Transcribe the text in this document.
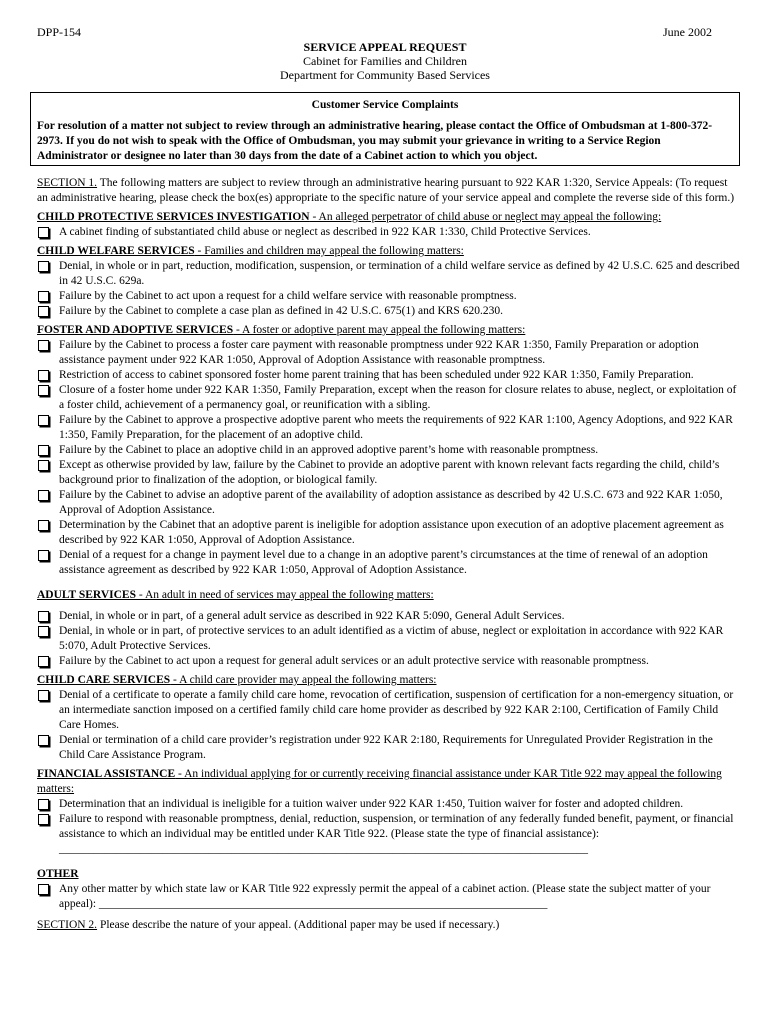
DPP-154	June 2002
SERVICE APPEAL REQUEST
Cabinet for Families and Children
Department for Community Based Services
Customer Service Complaints
For resolution of a matter not subject to review through an administrative hearing, please contact the Office of Ombudsman at 1-800-372-2973. If you do not wish to speak with the Office of Ombudsman, you may submit your grievance in writing to a Service Region Administrator or designee no later than 30 days from the date of a Cabinet action to which you object.

SECTION 1. The following matters are subject to review through an administrative hearing pursuant to 922 KAR 1:320, Service Appeals: (To request an administrative hearing, please check the box(es) appropriate to the specific nature of your service appeal and complete the reverse side of this form.)

CHILD PROTECTIVE SERVICES INVESTIGATION - An alleged perpetrator of child abuse or neglect may appeal the following:

A cabinet finding of substantiated child abuse or neglect as described in 922 KAR 1:330, Child Protective Services.

CHILD WELFARE SERVICES - Families and children may appeal the following matters:

Denial, in whole or in part, reduction, modification, suspension, or termination of a child welfare service as defined by 42 U.S.C. 625 and described in 42 U.S.C. 629a.

Failure by the Cabinet to act upon a request for a child welfare service with reasonable promptness.

Failure by the Cabinet to complete a case plan as defined in 42 U.S.C. 675(1) and KRS 620.230.

FOSTER AND ADOPTIVE SERVICES - A foster or adoptive parent may appeal the following matters:

Failure by the Cabinet to process a foster care payment with reasonable promptness under 922 KAR 1:350, Family Preparation or adoption assistance payment under 922 KAR 1:050, Approval of Adoption Assistance with reasonable promptness.

Restriction of access to cabinet sponsored foster home parent training that has been scheduled under 922 KAR 1:350, Family Preparation.

Closure of a foster home under 922 KAR 1:350, Family Preparation, except when the reason for closure relates to abuse, neglect, or exploitation of a foster child, achievement of a permanency goal, or reunification with a sibling.

Failure by the Cabinet to approve a prospective adoptive parent who meets the requirements of 922 KAR 1:100, Agency Adoptions, and 922 KAR 1:350, Family Preparation, for the placement of an adoptive child.

Failure by the Cabinet to place an adoptive child in an approved adoptive parent’s home with reasonable promptness.

Except as otherwise provided by law, failure by the Cabinet to provide an adoptive parent with known relevant facts regarding the child, child’s background prior to finalization of the adoption, or biological family.

Failure by the Cabinet to advise an adoptive parent of the availability of adoption assistance as described by 42 U.S.C. 673 and 922 KAR 1:050, Approval of Adoption Assistance.

Determination by the Cabinet that an adoptive parent is ineligible for adoption assistance upon execution of an adoptive placement agreement as described by 922 KAR 1:050, Approval of Adoption Assistance.

Denial of a request for a change in payment level due to a change in an adoptive parent’s circumstances at the time of renewal of an adoption assistance agreement as described by 922 KAR 1:050, Approval of Adoption Assistance.

ADULT SERVICES - An adult in need of services may appeal the following matters:

Denial, in whole or in part, of a general adult service as described in 922 KAR 5:090, General Adult Services.

Denial, in whole or in part, of protective services to an adult identified as a victim of abuse, neglect or exploitation in accordance with 922 KAR 5:070, Adult Protective Services.

Failure by the Cabinet to act upon a request for general adult services or an adult protective service with reasonable promptness.

CHILD CARE SERVICES - A child care provider may appeal the following matters:

Denial of a certificate to operate a family child care home, revocation of certification, suspension of certification for a non-emergency situation, or an intermediate sanction imposed on a certified family child care home provider as described by 922 KAR 2:100, Certification of Family Child Care Homes.

Denial or termination of a child care provider’s registration under 922 KAR 2:180, Requirements for Unregulated Provider Registration in the Child Care Assistance Program.

FINANCIAL ASSISTANCE - An individual applying for or currently receiving financial assistance under KAR Title 922 may appeal the following matters:

Determination that an individual is ineligible for a tuition waiver under 922 KAR 1:450, Tuition waiver for foster and adopted children.

Failure to respond with reasonable promptness, denial, reduction, suspension, or termination of any federally funded benefit, payment, or financial assistance to which an individual may be entitled under KAR Title 922. (Please state the type of financial assistance): ____________________________________________________________________________________________

OTHER

Any other matter by which state law or KAR Title 922 expressly permit the appeal of a cabinet action. (Please state the subject matter of your appeal): ______________________________________________________________________________

SECTION 2. Please describe the nature of your appeal. (Additional paper may be used if necessary.)
